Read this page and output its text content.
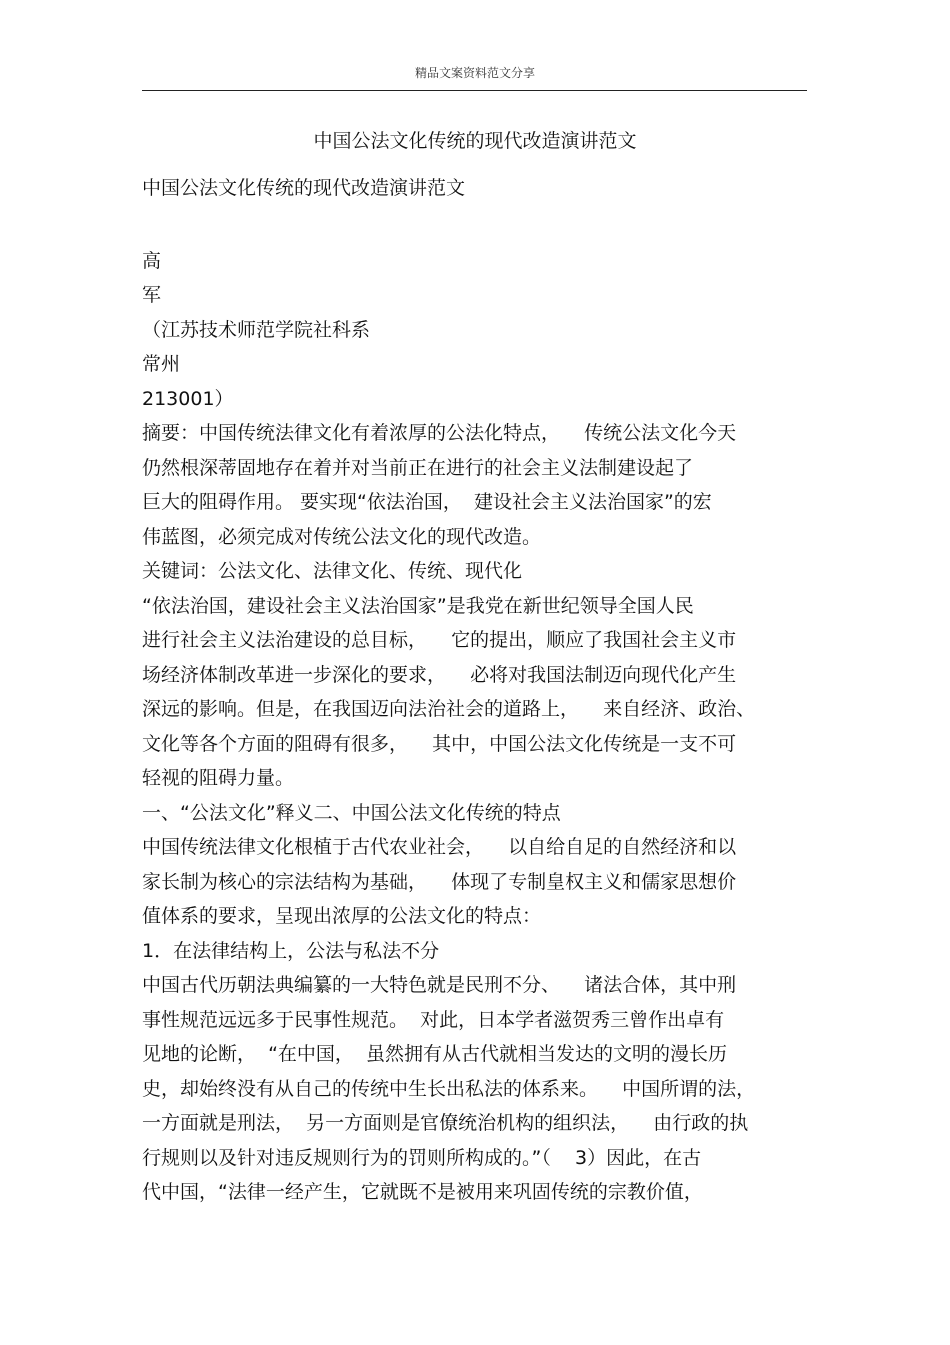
精品文案资料范文分享
中国公法文化传统的现代改造演讲范文
中国公法文化传统的现代改造演讲范文
高
军
（江苏技术师范学院社科系
常州
213001）
摘要：中国传统法律文化有着浓厚的公法化特点，    传统公法文化今天
仍然根深蒂固地存在着并对当前正在进行的社会主义法制建设起了
巨大的阻碍作用。 要实现“依法治国，  建设社会主义法治国家”的宏
伟蓝图，必须完成对传统公法文化的现代改造。
关键词：公法文化、法律文化、传统、现代化
“依法治国，建设社会主义法治国家”是我党在新世纪领导全国人民
进行社会主义法治建设的总目标，    它的提出，顺应了我国社会主义市
场经济体制改革进一步深化的要求，    必将对我国法制迈向现代化产生
深远的影响。但是，在我国迈向法治社会的道路上，    来自经济、政治、
文化等各个方面的阻碍有很多，    其中，中国公法文化传统是一支不可
轻视的阻碍力量。
一、“公法文化”释义二、中国公法文化传统的特点
中国传统法律文化根植于古代农业社会，    以自给自足的自然经济和以
家长制为核心的宗法结构为基础，    体现了专制皇权主义和儒家思想价
值体系的要求，呈现出浓厚的公法文化的特点：
1．在法律结构上，公法与私法不分
中国古代历朝法典编纂的一大特色就是民刑不分、    诸法合体，其中刑
事性规范远远多于民事性规范。  对此，日本学者滋贺秀三曾作出卓有
见地的论断，  “在中国，  虽然拥有从古代就相当发达的文明的漫长历
史，却始终没有从自己的传统中生长出私法的体系来。    中国所谓的法，
一方面就是刑法，  另一方面则是官僚统治机构的组织法，    由行政的执
行规则以及针对违反规则行为的罚则所构成的。”（    3）因此，在古
代中国，“法律一经产生，它就既不是被用来巩固传统的宗教价值，
